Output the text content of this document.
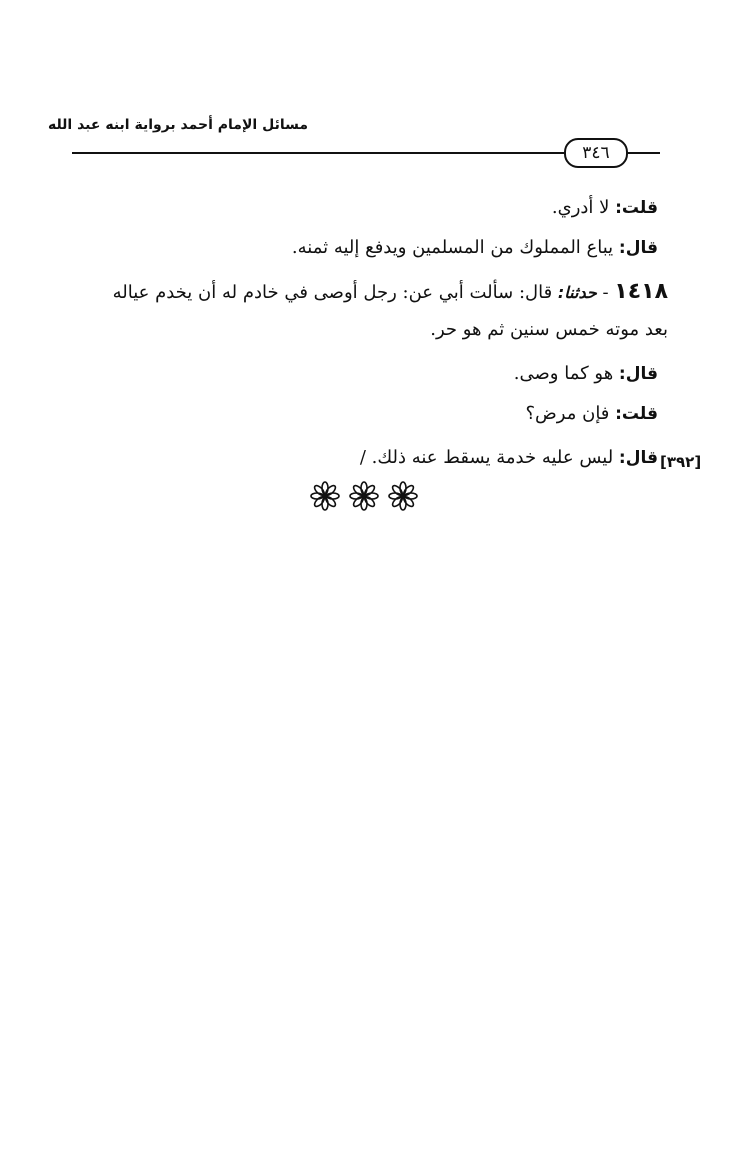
مسائل الإمام أحمد برواية ابنه عبد الله
٣٤٦
قلت: لا أدري.
قال: يباع المملوك من المسلمين ويدفع إليه ثمنه.
١٤١٨ - حدثنا: قال: سألت أبي عن: رجل أوصى في خادم له أن يخدم عياله
بعد موته خمس سنين ثم هو حر.
قال: هو كما وصى.
قلت: فإن مرض؟
قال: ليس عليه خدمة يسقط عنه ذلك. /	[٣٩٢]
